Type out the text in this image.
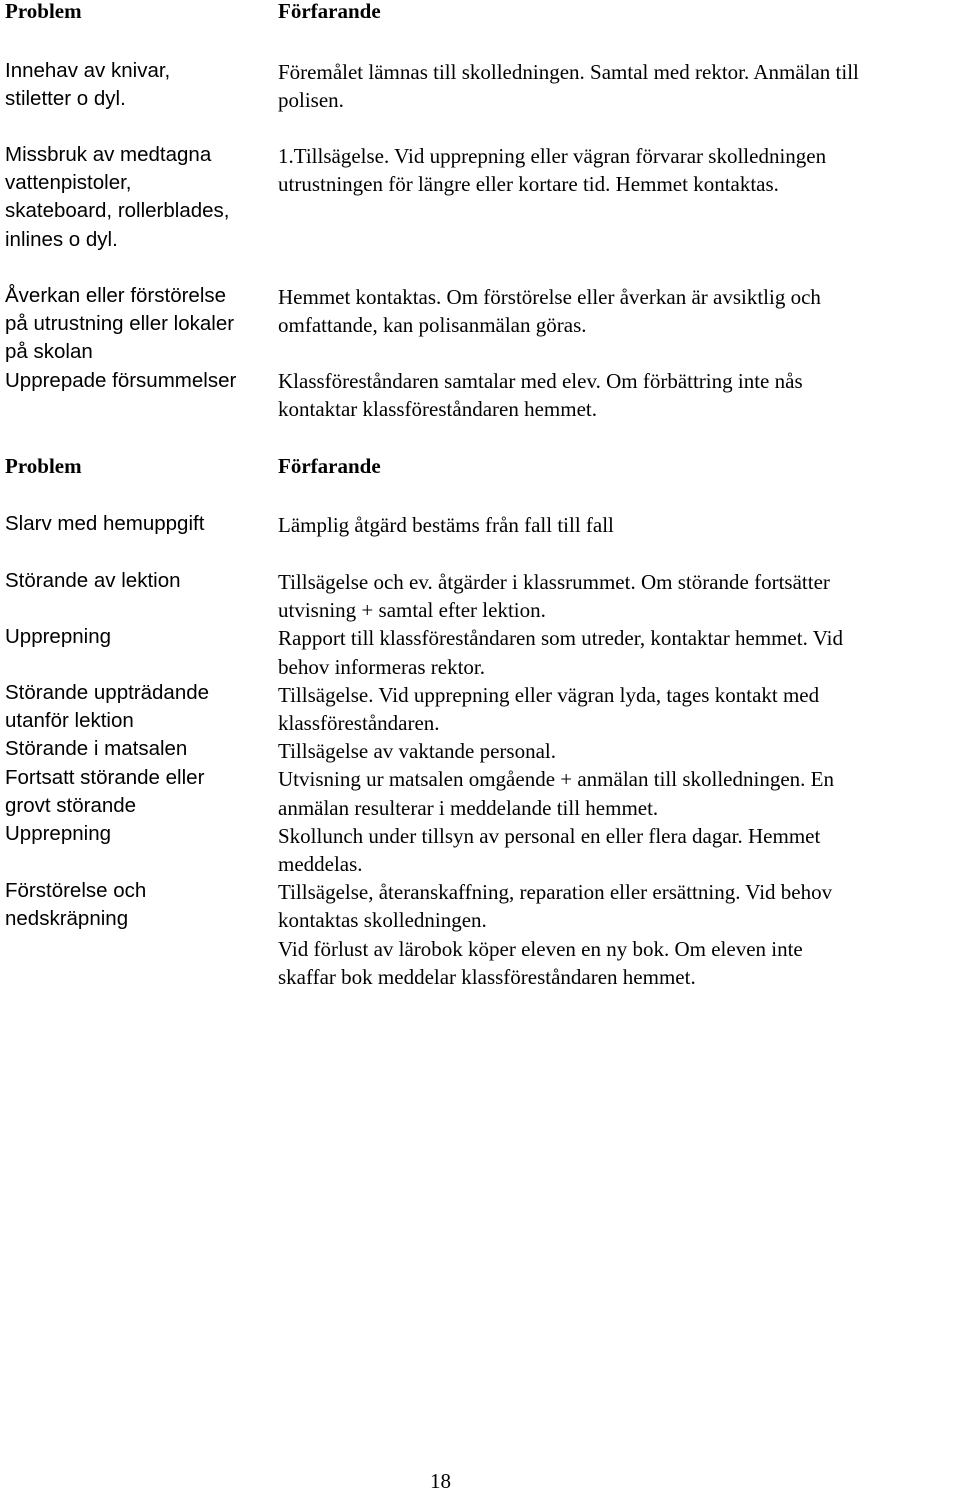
Problem	Förfarande
Innehav av knivar,
stiletter o dyl.
Missbruk av medtagna
vattenpistoler,
skateboard, rollerblades,
inlines o dyl.
Åverkan eller förstörelse
på utrustning eller lokaler
på skolan
Upprepade försummelser
Föremålet lämnas till skolledningen. Samtal med rektor. Anmälan till
polisen.
1.Tillsägelse. Vid upprepning eller vägran förvarar skolledningen
utrustningen för längre eller kortare tid. Hemmet kontaktas.
Hemmet kontaktas. Om förstörelse eller åverkan är avsiktlig och
omfattande, kan polisanmälan göras.
Klassföreståndaren samtalar med elev. Om förbättring inte nås
kontaktar klassföreståndaren hemmet.
Problem	Förfarande
Slarv med hemuppgift
Störande av lektion
Upprepning
Störande uppträdande
utanför lektion
Störande i matsalen
Fortsatt störande eller
grovt störande
Upprepning
Förstörelse och
nedskräpning
Lämplig åtgärd bestäms från fall till fall
Tillsägelse och ev. åtgärder i klassrummet. Om störande fortsätter
utvisning + samtal efter lektion.
Rapport till klassföreståndaren som utreder, kontaktar hemmet. Vid
behov informeras rektor.
Tillsägelse. Vid upprepning eller vägran lyda, tages kontakt med
klassföreståndaren.
Tillsägelse av vaktande personal.
Utvisning ur matsalen omgående + anmälan till skolledningen. En
anmälan resulterar i meddelande till hemmet.
Skollunch under tillsyn av personal en eller flera dagar. Hemmet
meddelas.
Tillsägelse, återanskaffning, reparation eller ersättning. Vid behov
kontaktas skolledningen.
Vid förlust av lärobok köper eleven en ny bok. Om eleven inte
skaffar bok meddelar klassföreståndaren hemmet.
18
